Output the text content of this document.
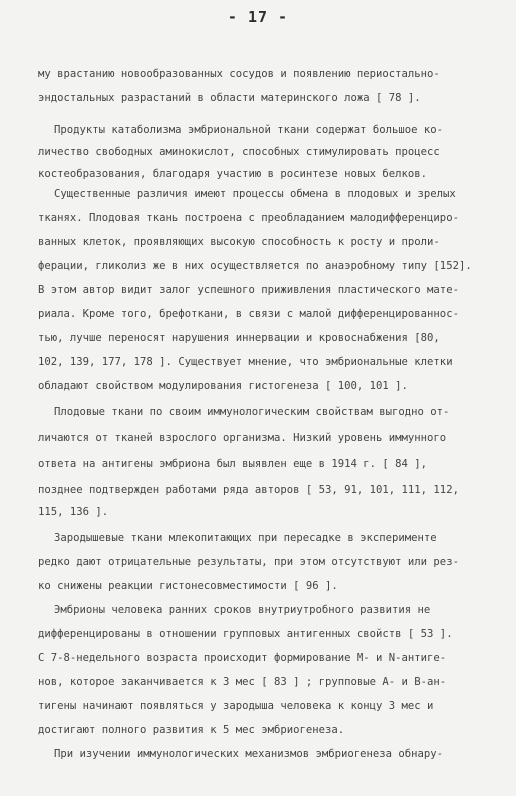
- 17 -
му врастанию новообразованных сосудов и появлению периостально-
эндостальных разрастаний в области материнского ложа [ 78 ].
Продукты катаболизма эмбриональной ткани содержат большое ко-
личество свободных аминокислот, способных стимулировать процесс
костеобразования, благодаря участию в росинтезе новых белков.
Существенные различия имеют процессы обмена в плодовых и зрелых
тканях. Плодовая ткань построена с преобладанием малодифференциро-
ванных клеток, проявляющих высокую способность к росту и проли-
ферации, гликолиз же в них осуществляется по анаэробному типу [152].
В этом автор видит залог успешного приживления пластического мате-
риала. Кроме того, брефоткани, в связи с малой дифференцированнос-
тью, лучше переносят нарушения иннервации и кровоснабжения [80,
102, 139, 177, 178 ]. Существует мнение, что эмбриональные клетки
обладают свойством модулирования гистогенеза [ 100, 101 ].
Плодовые ткани по своим иммунологическим свойствам выгодно от-
личаются от тканей взрослого организма. Низкий уровень иммунного
ответа на антигены эмбриона был выявлен еще в 1914 г. [ 84 ],
позднее подтвержден работами ряда авторов [ 53, 91, 101, 111, 112,
115, 136 ].
Зародышевые ткани млекопитающих при пересадке в эксперименте
редко дают отрицательные результаты, при этом отсутствуют или рез-
ко снижены реакции гистонесовместимости [ 96 ].
Эмбрионы человека ранних сроков внутриутробного развития не
дифференцированы в отношении групповых антигенных свойств [ 53 ].
С 7-8-недельного возраста происходит формирование М- и N-антиге-
нов, которое заканчивается к 3 мес [ 83 ] ; групповые А- и В-ан-
тигены начинают появляться у зародыша человека к концу 3 мес и
достигают полного развития к 5 мес эмбриогенеза.
При изучении иммунологических механизмов эмбриогенеза обнару-
